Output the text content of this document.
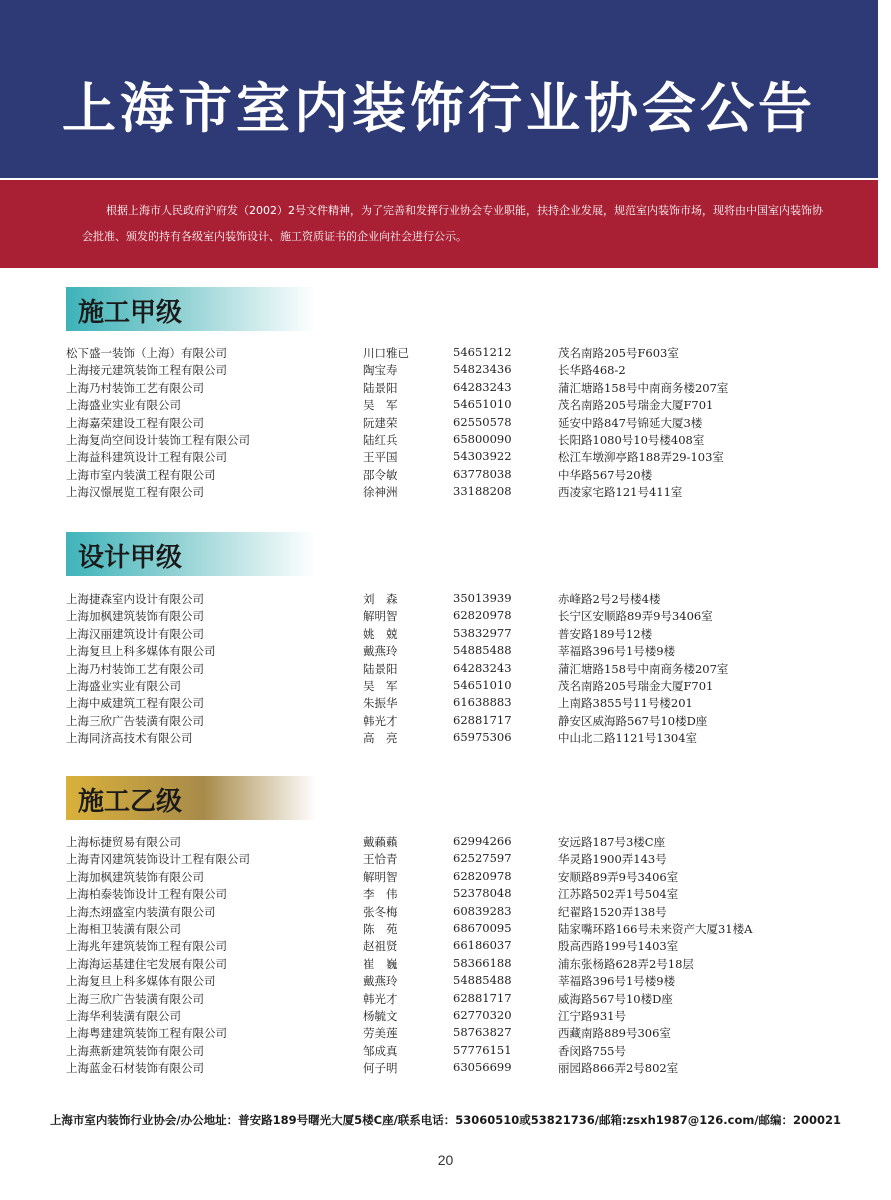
上海市室内装饰行业协会公告
根据上海市人民政府沪府发（2002）2号文件精神，为了完善和发挥行业协会专业职能，扶持企业发展，规范室内装饰市场，现将由中国室内装饰协会批准、颁发的持有各级室内装饰设计、施工资质证书的企业向社会进行公示。
施工甲级
松下盛一装饰（上海）有限公司	川口雅已	54651212	茂名南路205号F603室
上海接元建筑装饰工程有限公司	陶宝寿	54823436	长华路468-2
上海乃村装饰工艺有限公司	陆景阳	64283243	蒲汇塘路158号中南商务楼207室
上海盛业实业有限公司	吴　军	54651010	茂名南路205号瑞金大厦F701
上海嘉荣建设工程有限公司	阮建荣	62550578	延安中路847号锦延大厦3楼
上海复尚空间设计装饰工程有限公司	陆红兵	65800090	长阳路1080号10号楼408室
上海益科建筑设计工程有限公司	王平国	54303922	松江车墩泖亭路188弄29-103室
上海市室内装潢工程有限公司	邵令敏	63778038	中华路567号20楼
上海汉憬展览工程有限公司	徐神洲	33188208	西凌家宅路121号411室
设计甲级
上海捷森室内设计有限公司	刘　森	35013939	赤峰路2号2号楼4楼
上海加枫建筑装饰有限公司	解明智	62820978	长宁区安顺路89弄9号3406室
上海汉丽建筑设计有限公司	姚　兢	53832977	普安路189号12楼
上海复旦上科多媒体有限公司	戴燕玲	54885488	莘福路396号1号楼9楼
上海乃村装饰工艺有限公司	陆景阳	64283243	蒲汇塘路158号中南商务楼207室
上海盛业实业有限公司	吴　军	54651010	茂名南路205号瑞金大厦F701
上海中威建筑工程有限公司	朱振华	61638883	上南路3855号11号楼201
上海三欣广告装潢有限公司	韩光才	62881717	静安区威海路567号10楼D座
上海同济高技术有限公司	高　亮	65975306	中山北二路1121号1304室
施工乙级
上海标捷贸易有限公司	戴藾藾	62994266	安远路187号3楼C座
上海青冈建筑装饰设计工程有限公司	王恰青	62527597	华灵路1900弄143号
上海加枫建筑装饰有限公司	解明智	62820978	安顺路89弄9号3406室
上海柏泰装饰设计工程有限公司	李　伟	52378048	江苏路502弄1号504室
上海杰翊盛室内装潢有限公司	张冬梅	60839283	纪翟路1520弄138号
上海相卫装潢有限公司	陈　苑	68670095	陆家嘴环路166号未来资产大厦31楼A
上海兆年建筑装饰工程有限公司	赵祖贤	66186037	殷高西路199号1403室
上海海运基建住宅发展有限公司	崔　巍	58366188	浦东张杨路628弄2号18层
上海复旦上科多媒体有限公司	戴燕玲	54885488	莘福路396号1号楼9楼
上海三欣广告装潢有限公司	韩光才	62881717	威海路567号10楼D座
上海华利装潢有限公司	杨毓文	62770320	江宁路931号
上海粤建建筑装饰工程有限公司	劳美莲	58763827	西藏南路889号306室
上海燕新建筑装饰有限公司	邹成真	57776151	香闵路755号
上海蓝金石材装饰有限公司	何子明	63056699	丽园路866弄2号802室
上海市室内装饰行业协会/办公地址：普安路189号曙光大厦5楼C座/联系电话：53060510或53821736/邮箱:zsxh1987@126.com/邮编：200021
20
